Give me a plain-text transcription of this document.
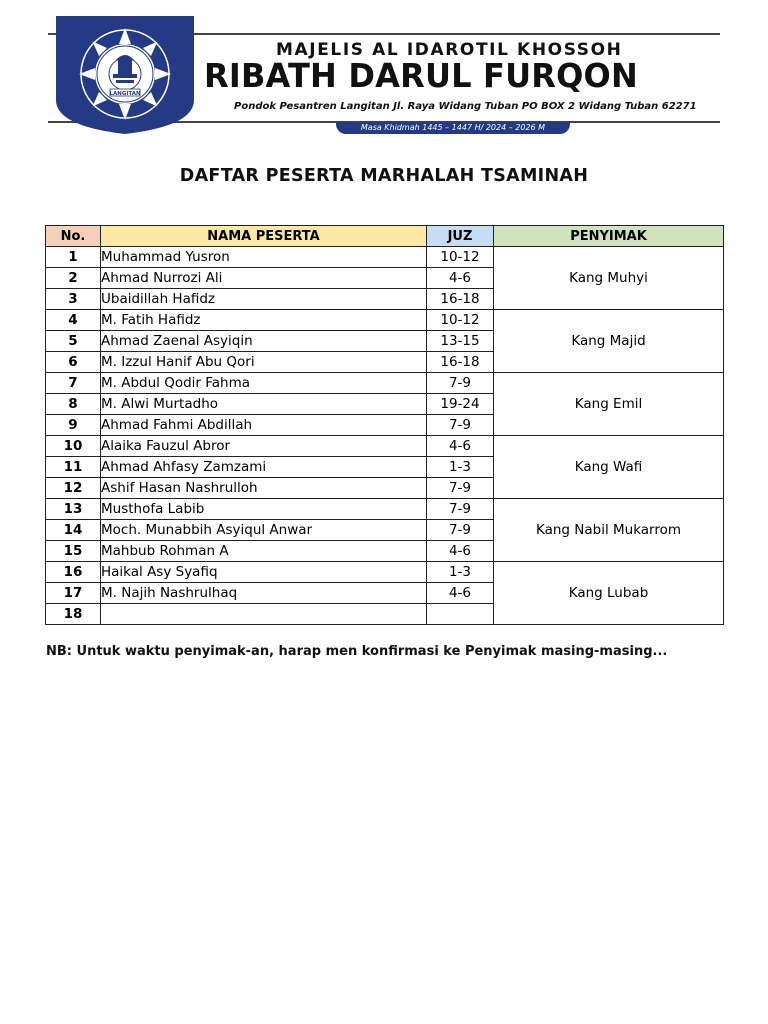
LANGITAN
MAJELIS AL IDAROTIL KHOSSOH
RIBATH DARUL FURQON
Pondok Pesantren Langitan Jl. Raya Widang Tuban PO BOX 2 Widang Tuban 62271
Masa Khidmah 1445 – 1447 H/ 2024 – 2026 M
DAFTAR PESERTA MARHALAH TSAMINAH
No.	NAMA PESERTA	JUZ	PENYIMAK
1	Muhammad Yusron	10-12	Kang Muhyi
2	Ahmad Nurrozi Ali	4-6	
3	Ubaidillah Hafidz	16-18	
4	M. Fatih Hafidz	10-12	Kang Majid
5	Ahmad Zaenal Asyiqin	13-15	
6	M. Izzul Hanif Abu Qori	16-18	
7	M. Abdul Qodir Fahma	7-9	Kang Emil
8	M. Alwi Murtadho	19-24	
9	Ahmad Fahmi Abdillah	7-9	
10	Alaika Fauzul Abror	4-6	Kang Wafi
11	Ahmad Ahfasy Zamzami	1-3	
12	Ashif Hasan Nashrulloh	7-9	
13	Musthofa Labib	7-9	Kang Nabil Mukarrom
14	Moch. Munabbih Asyiqul Anwar	7-9	
15	Mahbub Rohman A	4-6	
16	Haikal Asy Syafiq	1-3	Kang Lubab
17	M. Najih Nashrulhaq	4-6	
18			
NB: Untuk waktu penyimak-an, harap men konfirmasi ke Penyimak masing-masing...
